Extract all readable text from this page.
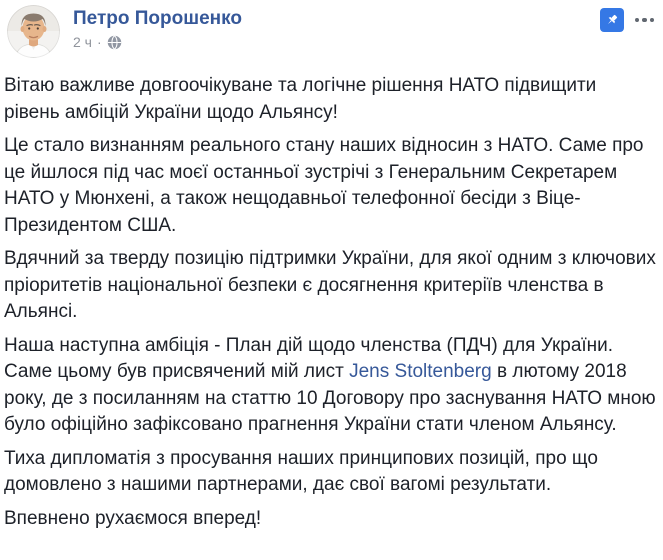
Петро Порошенко
2 ч ·

Вітаю важливе довгоочікуване та логічне рішення НАТО підвищити рівень амбіцій України щодо Альянсу!

Це стало визнанням реального стану наших відносин з НАТО. Саме про це йшлося під час моєї останньої зустрічі з Генеральним Секретарем НАТО у Мюнхені, а також нещодавньої телефонної бесіди з Віце-Президентом США.

Вдячний за тверду позицію підтримки України, для якої одним з ключових пріоритетів національної безпеки є досягнення критеріїв членства в Альянсі.

Наша наступна амбіція - План дій щодо членства (ПДЧ) для України. Саме цьому був присвячений мій лист Jens Stoltenberg в лютому 2018 року, де з посиланням на статтю 10 Договору про заснування НАТО мною було офіційно зафіксовано прагнення України стати членом Альянсу.

Тиха дипломатія з просування наших принципових позицій, про що домовлено з нашими партнерами, дає свої вагомі результати.

Впевнено рухаємося вперед!
